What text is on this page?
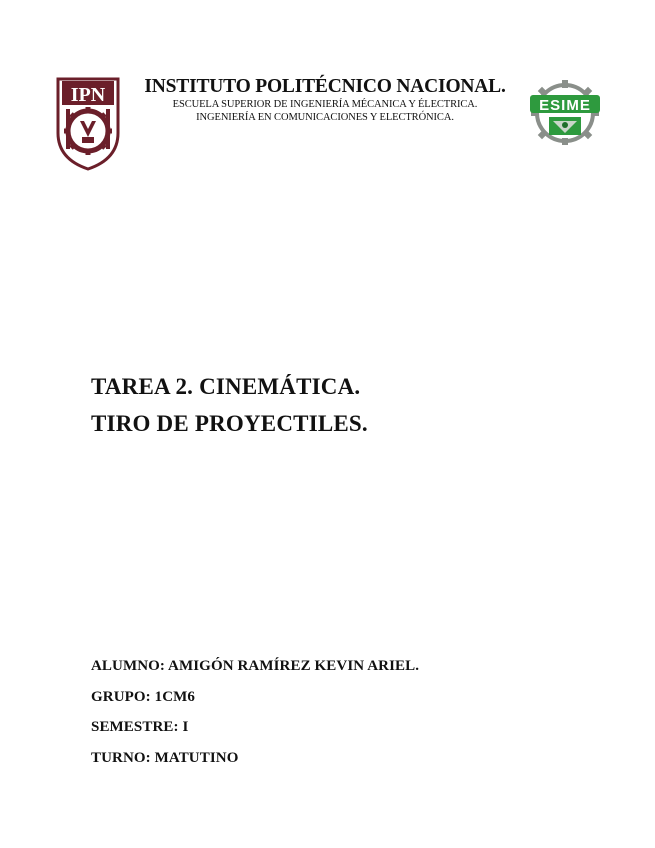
IPN	INSTITUTO POLITÉCNICO NACIONAL.
ESCUELA SUPERIOR DE INGENIERÍA MÉCANICA Y ÉLECTRICA.
INGENIERÍA EN COMUNICACIONES Y ELECTRÓNICA.
ESIME
TAREA 2. CINEMÁTICA.
TIRO DE PROYECTILES.
ALUMNO: AMIGÓN RAMÍREZ KEVIN ARIEL.
GRUPO: 1CM6
SEMESTRE: I
TURNO: MATUTINO
